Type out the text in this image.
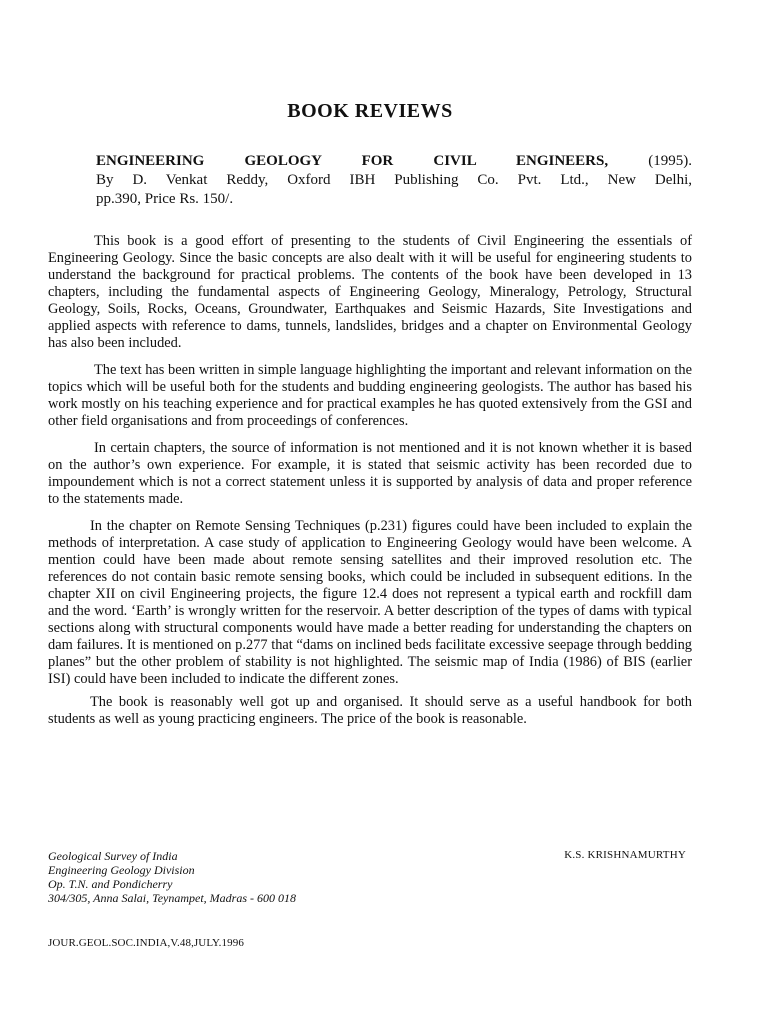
BOOK REVIEWS
ENGINEERING GEOLOGY FOR CIVIL ENGINEERS, (1995).
By D. Venkat Reddy, Oxford IBH Publishing Co. Pvt. Ltd., New Delhi,
pp.390, Price Rs. 150/.

This book is a good effort of presenting to the students of Civil Engineering the essentials of Engineering Geology. Since the basic concepts are also dealt with it will be useful for engineering students to understand the background for practical problems. The contents of the book have been developed in 13 chapters, including the fundamental aspects of Engineering Geology, Mineralogy, Petrology, Structural Geology, Soils, Rocks, Oceans, Groundwater, Earthquakes and Seismic Hazards, Site Investigations and applied aspects with reference to dams, tunnels, landslides, bridges and a chapter on Environmental Geology has also been included.

The text has been written in simple language highlighting the important and relevant information on the topics which will be useful both for the students and budding engineering geologists. The author has based his work mostly on his teaching experience and for practical examples he has quoted extensively from the GSI and other field organisations and from proceedings of conferences.

In certain chapters, the source of information is not mentioned and it is not known whether it is based on the author’s own experience. For example, it is stated that seismic activity has been recorded due to impoundement which is not a correct statement unless it is supported by analysis of data and proper reference to the statements made.

In the chapter on Remote Sensing Techniques (p.231) figures could have been included to explain the methods of interpretation. A case study of application to Engineering Geology would have been welcome. A mention could have been made about remote sensing satellites and their improved resolution etc. The references do not contain basic remote sensing books, which could be included in subsequent editions. In the chapter XII on civil Engineering projects, the figure 12.4 does not represent a typical earth and rockfill dam and the word. ‘Earth’ is wrongly written for the reservoir. A better description of the types of dams with typical sections along with structural components would have made a better reading for understanding the chapters on dam failures. It is mentioned on p.277 that “dams on inclined beds facilitate excessive seepage through bedding planes” but the other problem of stability is not highlighted. The seismic map of India (1986) of BIS (earlier ISI) could have been included to indicate the different zones.

The book is reasonably well got up and organised. It should serve as a useful handbook for both students as well as young practicing engineers. The price of the book is reasonable.

Geological Survey of India
Engineering Geology Division
Op. T.N. and Pondicherry
304/305, Anna Salai, Teynampet, Madras - 600 018
K.S. KRISHNAMURTHY
JOUR.GEOL.SOC.INDIA,V.48,JULY.1996
